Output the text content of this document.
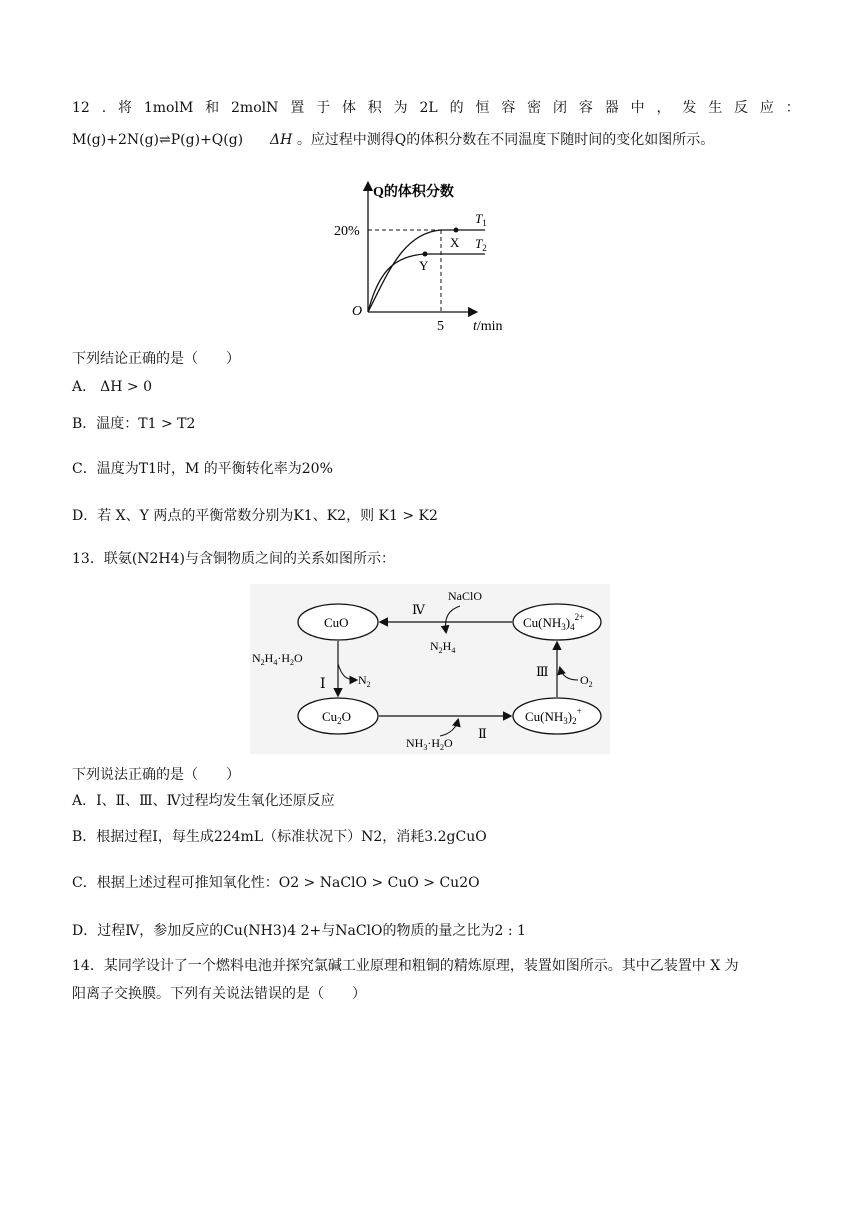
12 . 将 1molM 和 2molN 置 于 体 积 为 2L 的 恒 容 密 闭 容 器 中 ， 发 生 反 应 ：
M(g)+2N(g)⇌P(g)+Q(g) ΔH 。应过程中测得Q的体积分数在不同温度下随时间的变化如图所示。
Q的体积分数
20%
O
5 t/min
X
Y
$T_1$
$T_2$
下列结论正确的是（　　）
A． ΔH > 0
B．温度：T1 > T2
C．温度为T1时，M 的平衡转化率为20%
D．若 X、Y 两点的平衡常数分别为K1、K2，则 K1 > K2
13．联氨(N2H4)与含铜物质之间的关系如图所示：
CuO
$Cu_2O$
$Cu(NH_3)_4^{2+}$
$Cu(NH_3)_2^+$
Ⅳ
Ⅰ
Ⅱ
Ⅲ
NaClO
$N_2H_4$
$N_2H_4\cdot H_2O$
$N_2$	$O_2$
$NH_3\cdot H_2O$
下列说法正确的是（　　）
A．Ⅰ、Ⅱ、Ⅲ、Ⅳ过程均发生氧化还原反应
B．根据过程Ⅰ，每生成224mL（标准状况下）N2，消耗3.2gCuO
C．根据上述过程可推知氧化性：O2 > NaClO > CuO > Cu2O
D．过程Ⅳ，参加反应的Cu(NH3)4 2+与NaClO的物质的量之比为2 : 1
14．某同学设计了一个燃料电池并探究氯碱工业原理和粗铜的精炼原理，装置如图所示。其中乙装置中 X 为
阳离子交换膜。下列有关说法错误的是（　　）
